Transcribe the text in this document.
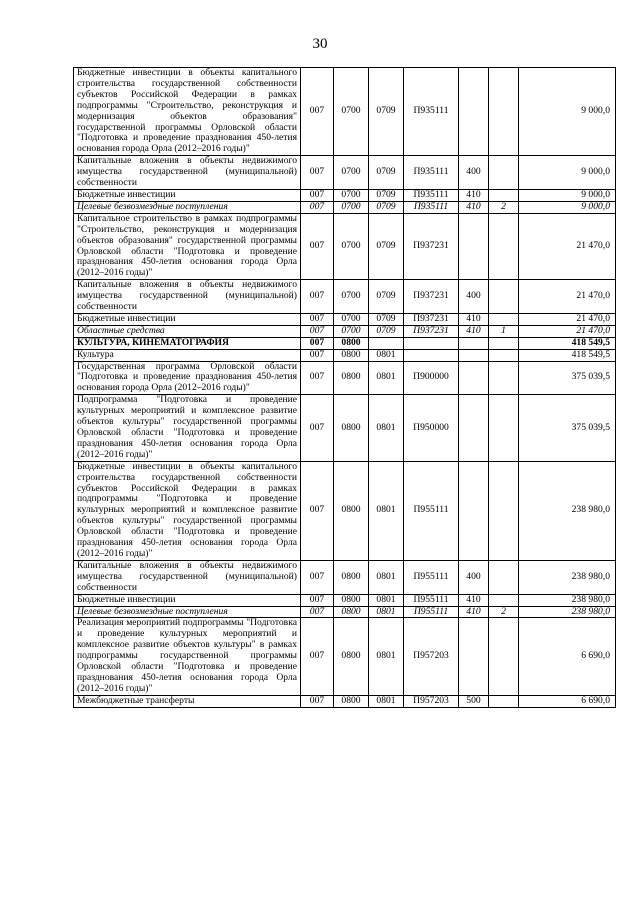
30
Бюджетные инвестиции в объекты капитального строительства государственной собственности субъектов Российской Федерации в рамках подпрограммы "Строительство, реконструкция и модернизация объектов образования" государственной программы Орловской области "Подготовка и проведение празднования 450-летия основания города Орла (2012–2016 годы)"	007	0700	0709	П935111			9 000,0
Капитальные вложения в объекты недвижимого имущества государственной (муниципальной) собственности	007	0700	0709	П935111	400		9 000,0
Бюджетные инвестиции	007	0700	0709	П935111	410		9 000,0
Целевые безвозмездные поступления	007	0700	0709	П935111	410	2	9 000,0
Капитальное строительство в рамках подпрограммы "Строительство, реконструкция и модернизация объектов образования" государственной программы Орловской области "Подготовка и проведение празднования 450-летия основания города Орла (2012–2016 годы)"	007	0700	0709	П937231			21 470,0
Капитальные вложения в объекты недвижимого имущества государственной (муниципальной) собственности	007	0700	0709	П937231	400		21 470,0
Бюджетные инвестиции	007	0700	0709	П937231	410		21 470,0
Областные средства	007	0700	0709	П937231	410	1	21 470,0
КУЛЬТУРА, КИНЕМАТОГРАФИЯ	007	0800					418 549,5
Культура	007	0800	0801				418 549,5
Государственная программа Орловской области "Подготовка и проведение празднования 450-летия основания города Орла (2012–2016 годы)"	007	0800	0801	П900000			375 039,5
Подпрограмма "Подготовка и проведение культурных мероприятий и комплексное развитие объектов культуры" государственной программы Орловской области "Подготовка и проведение празднования 450-летия основания города Орла (2012–2016 годы)"	007	0800	0801	П950000			375 039,5
Бюджетные инвестиции в объекты капитального строительства государственной собственности субъектов Российской Федерации в рамках подпрограммы "Подготовка и проведение культурных мероприятий и комплексное развитие объектов культуры" государственной программы Орловской области "Подготовка и проведение празднования 450-летия основания города Орла (2012–2016 годы)"	007	0800	0801	П955111			238 980,0
Капитальные вложения в объекты недвижимого имущества государственной (муниципальной) собственности	007	0800	0801	П955111	400		238 980,0
Бюджетные инвестиции	007	0800	0801	П955111	410		238 980,0
Целевые безвозмездные поступления	007	0800	0801	П955111	410	2	238 980,0
Реализация мероприятий подпрограммы "Подготовка и проведение культурных мероприятий и комплексное развитие объектов культуры" в рамках подпрограммы государственной программы Орловской области "Подготовка и проведение празднования 450-летия основания города Орла (2012–2016 годы)"	007	0800	0801	П957203			6 690,0
Межбюджетные трансферты	007	0800	0801	П957203	500		6 690,0
